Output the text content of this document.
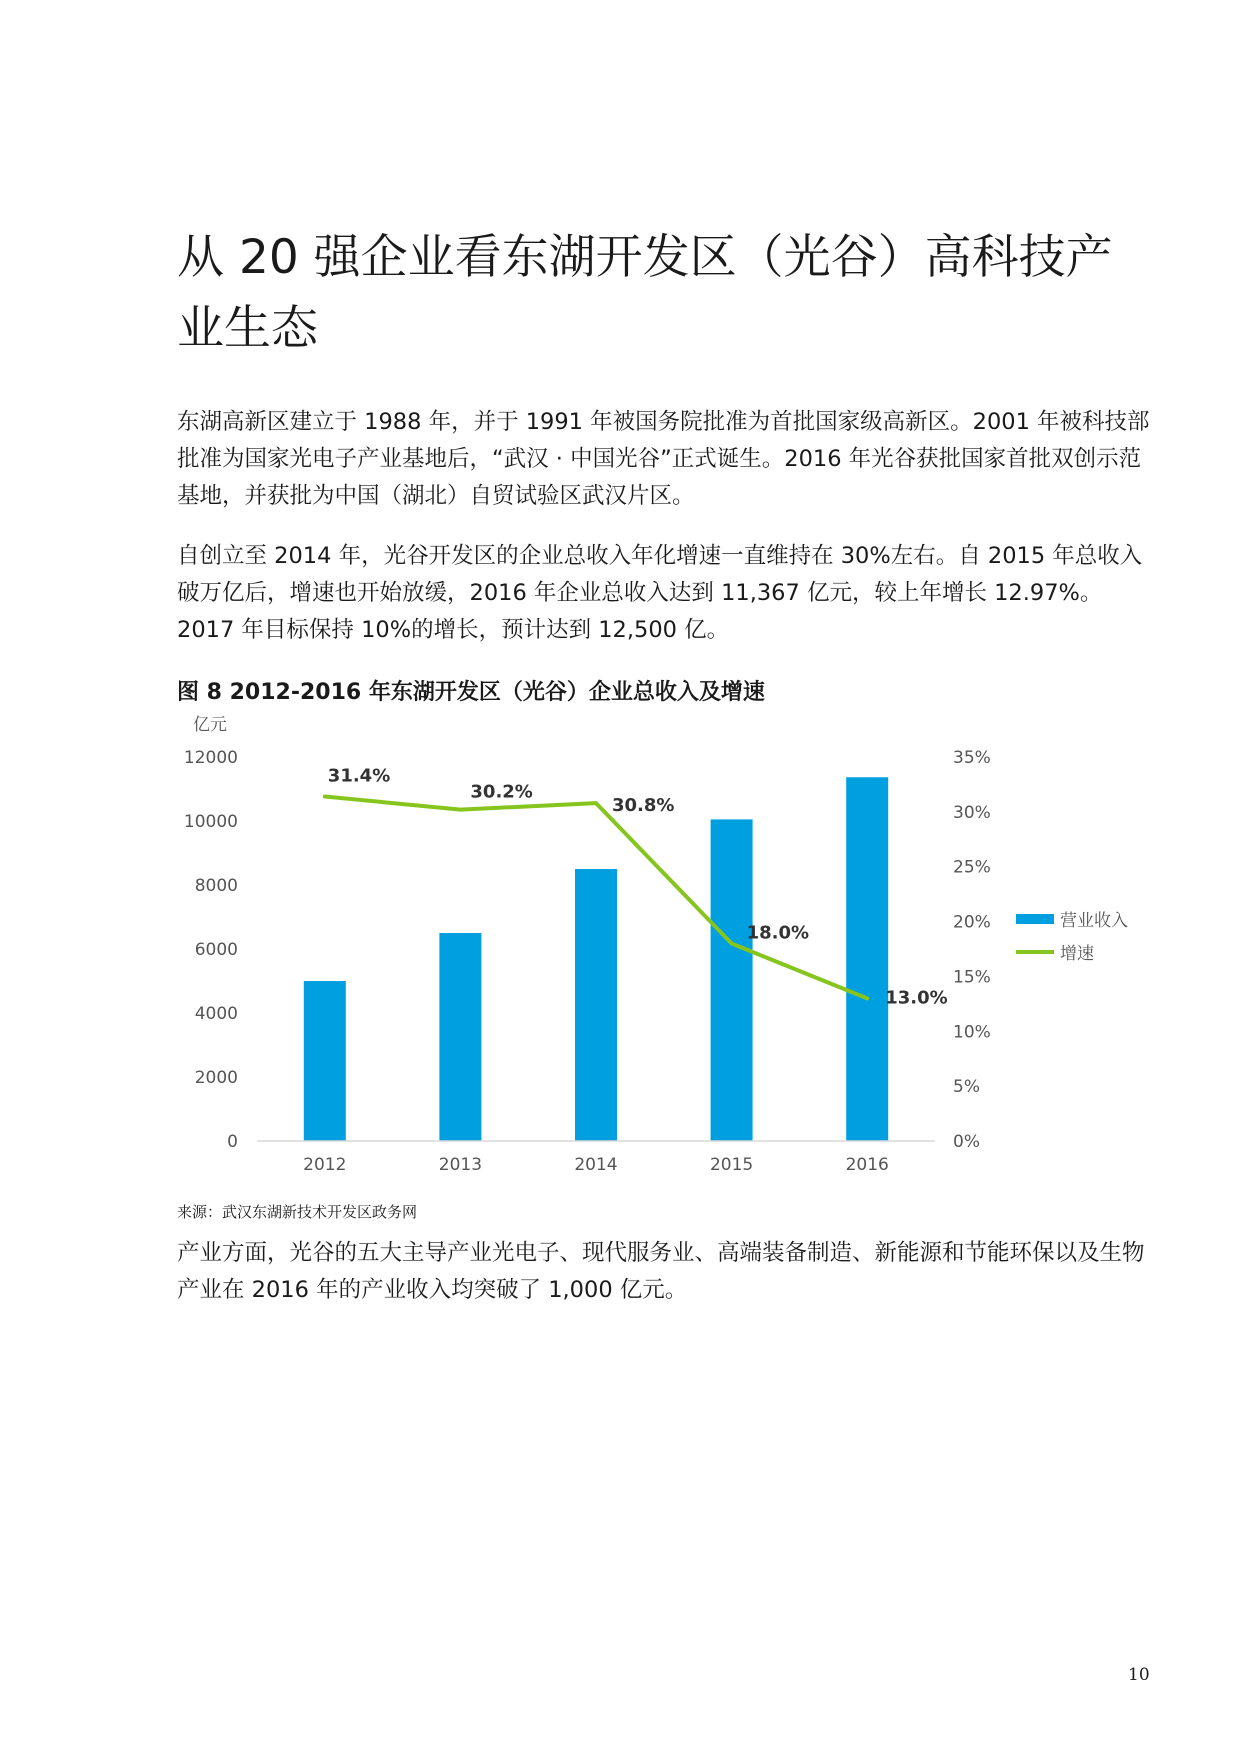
从 20 强企业看东湖开发区（光谷）高科技产业生态

东湖高新区建立于 1988 年，并于 1991 年被国务院批准为首批国家级高新区。2001 年被科技部批准为国家光电子产业基地后，“武汉 · 中国光谷”正式诞生。2016 年光谷获批国家首批双创示范基地，并获批为中国（湖北）自贸试验区武汉片区。

自创立至 2014 年，光谷开发区的企业总收入年化增速一直维持在 30%左右。自 2015 年总收入破万亿后，增速也开始放缓，2016 年企业总收入达到 11,367 亿元，较上年增长 12.97%。2017 年目标保持 10%的增长，预计达到 12,500 亿。

图 8 2012-2016 年东湖开发区（光谷）企业总收入及增速

亿元
0
2000
4000
6000
8000
10000
12000
0%
5%
10%
15%
20%
25%
30%
35%
2012	2013	2014	2015	2016
31.4%
30.2%
30.8%
18.0%
13.0%
营业收入
增速

来源：武汉东湖新技术开发区政务网

产业方面，光谷的五大主导产业光电子、现代服务业、高端装备制造、新能源和节能环保以及生物产业在 2016 年的产业收入均突破了 1,000 亿元。

10
